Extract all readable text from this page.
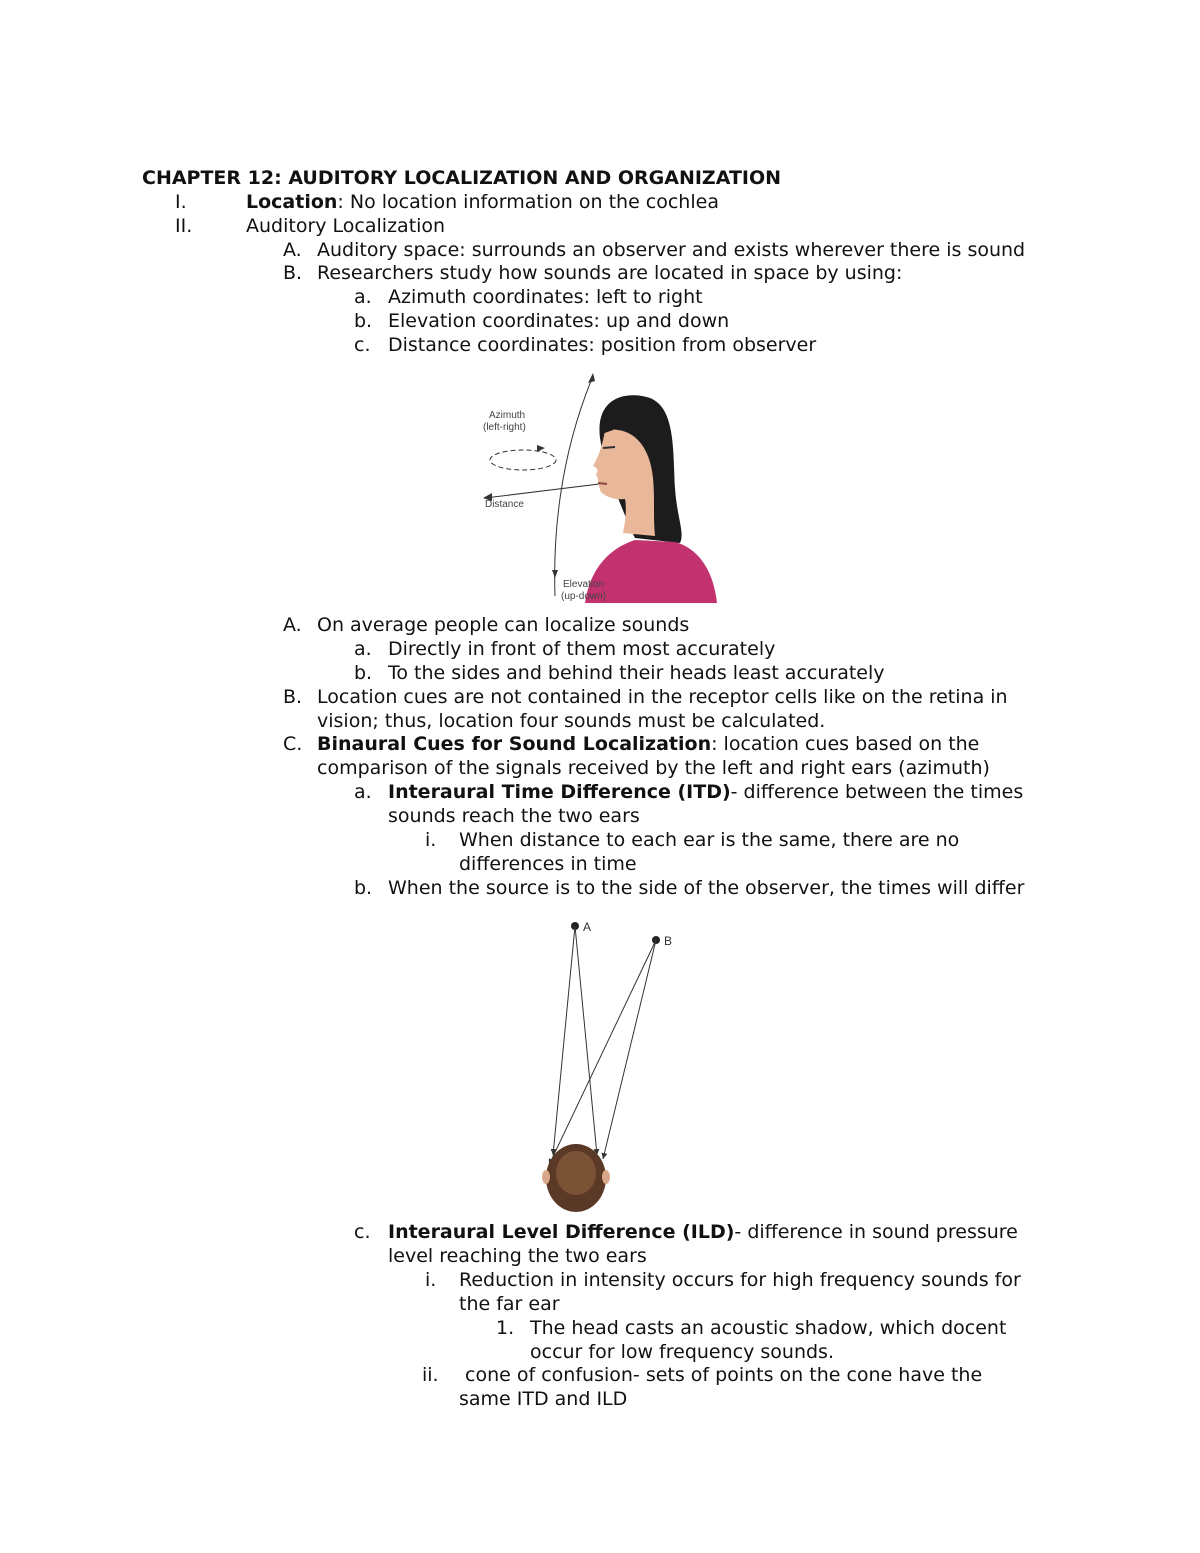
CHAPTER 12: AUDITORY LOCALIZATION AND ORGANIZATION
I.	Location: No location information on the cochlea
II.	Auditory Localization
A. Auditory space: surrounds an observer and exists wherever there is sound
B. Researchers study how sounds are located in space by using:
a. Azimuth coordinates: left to right
b. Elevation coordinates: up and down
c. Distance coordinates: position from observer
Azimuth
(left-right)
Distance
Elevation
(up-down)
A. On average people can localize sounds
a. Directly in front of them most accurately
b. To the sides and behind their heads least accurately
B. Location cues are not contained in the receptor cells like on the retina in
vision; thus, location four sounds must be calculated.
C. Binaural Cues for Sound Localization: location cues based on the
comparison of the signals received by the left and right ears (azimuth)
a. Interaural Time Difference (ITD)- difference between the times
sounds reach the two ears
i. When distance to each ear is the same, there are no
differences in time
b. When the source is to the side of the observer, the times will differ
A
B
c. Interaural Level Difference (ILD)- difference in sound pressure
level reaching the two ears
i. Reduction in intensity occurs for high frequency sounds for
the far ear
1. The head casts an acoustic shadow, which docent
occur for low frequency sounds.
ii. cone of confusion- sets of points on the cone have the
same ITD and ILD
